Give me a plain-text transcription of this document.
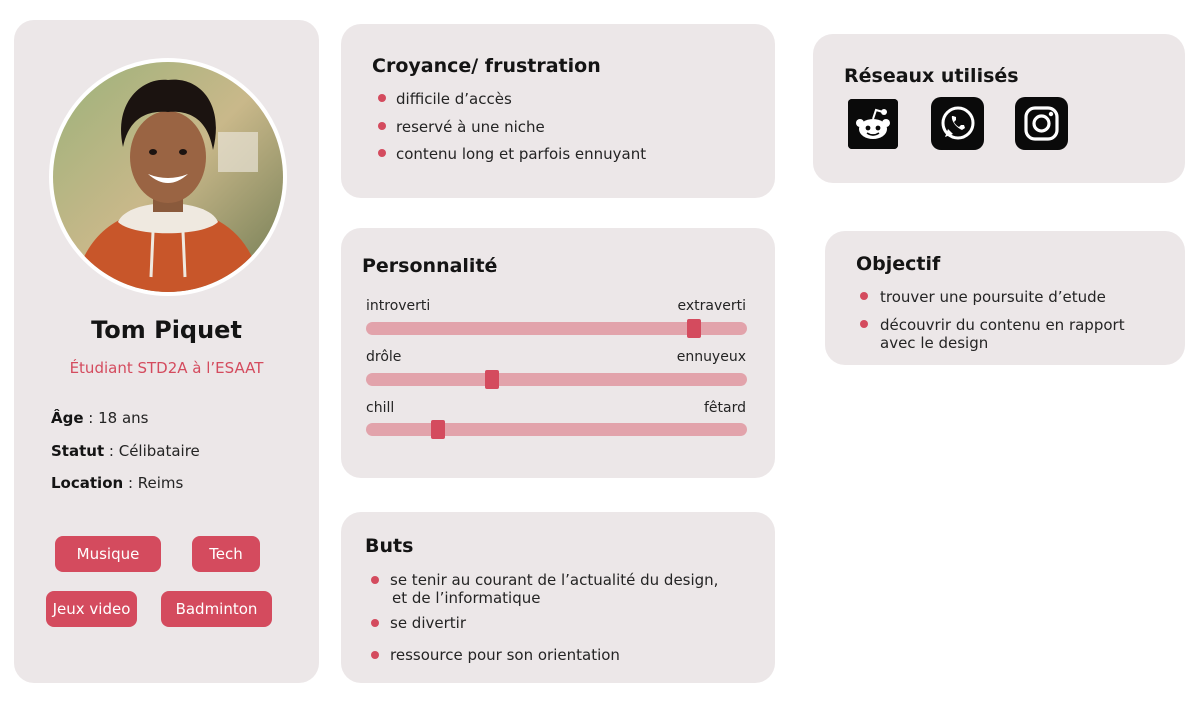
Tom Piquet
Étudiant STD2A à l’ESAAT
Âge : 18 ans
Statut : Célibataire
Location : Reims
Musique	Tech
Jeux video	Badminton
Croyance/ frustration
difficile d’accès
reservé à une niche
contenu long et parfois ennuyant
Personnalité
introverti	extraverti
drôle	ennuyeux
chill	fêtard
Buts
se tenir au courant de l’actualité du design,
et de l’informatique
se divertir
ressource pour son orientation
Réseaux utilisés
Objectif
trouver une poursuite d’etude
découvrir du contenu en rapport
avec le design
